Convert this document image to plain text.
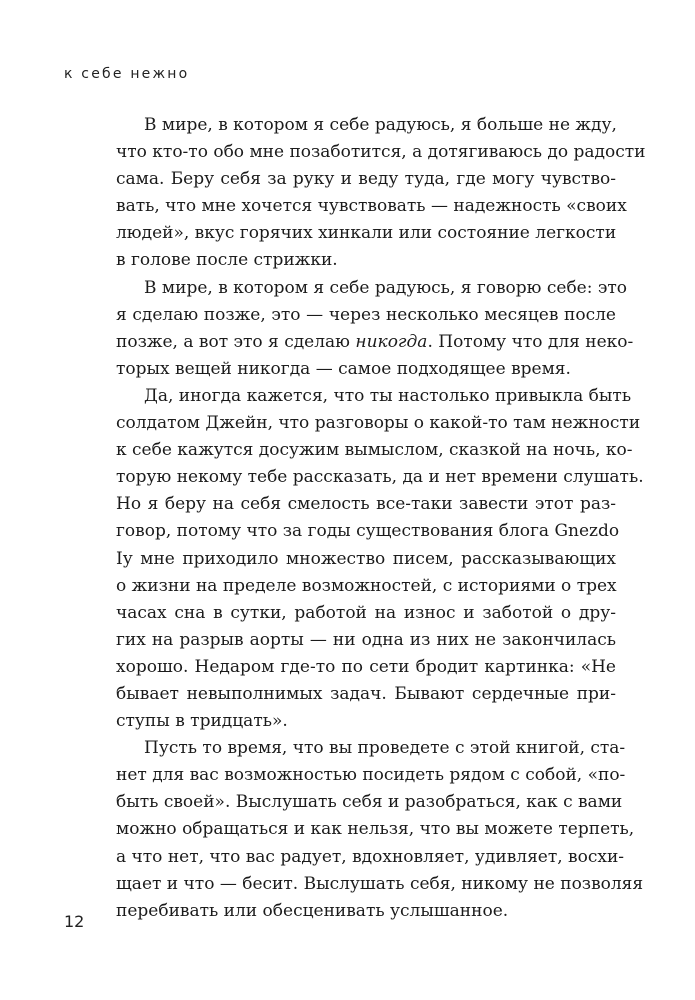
к себе нежно
В мире, в котором я себе радуюсь, я больше не жду,
что кто-то обо мне позаботится, а дотягиваюсь до радости
сама. Беру себя за руку и веду туда, где могу чувство-
вать, что мне хочется чувствовать — надежность «своих
людей», вкус горячих хинкали или состояние легкости
в голове после стрижки.
В мире, в котором я себе радуюсь, я говорю себе: это
я сделаю позже, это — через несколько месяцев после
позже, а вот это я сделаю никогда. Потому что для неко-
торых вещей никогда — самое подходящее время.
Да, иногда кажется, что ты настолько привыкла быть
солдатом Джейн, что разговоры о какой-то там нежности
к себе кажутся досужим вымыслом, сказкой на ночь, ко-
торую некому тебе рассказать, да и нет времени слушать.
Но я беру на себя смелость все-таки завести этот раз-
говор, потому что за годы существования блога Gnezdo
Іу мне приходило множество писем, рассказывающих
о жизни на пределе возможностей, с историями о трех
часах сна в сутки, работой на износ и заботой о дру-
гих на разрыв аорты — ни одна из них не закончилась
хорошо. Недаром где-то по сети бродит картинка: «Не
бывает невыполнимых задач. Бывают сердечные при-
ступы в тридцать».
Пусть то время, что вы проведете с этой книгой, ста-
нет для вас возможностью посидеть рядом с собой, «по-
быть своей». Выслушать себя и разобраться, как с вами
можно обращаться и как нельзя, что вы можете терпеть,
а что нет, что вас радует, вдохновляет, удивляет, восхи-
щает и что — бесит. Выслушать себя, никому не позволяя
перебивать или обесценивать услышанное.
12
